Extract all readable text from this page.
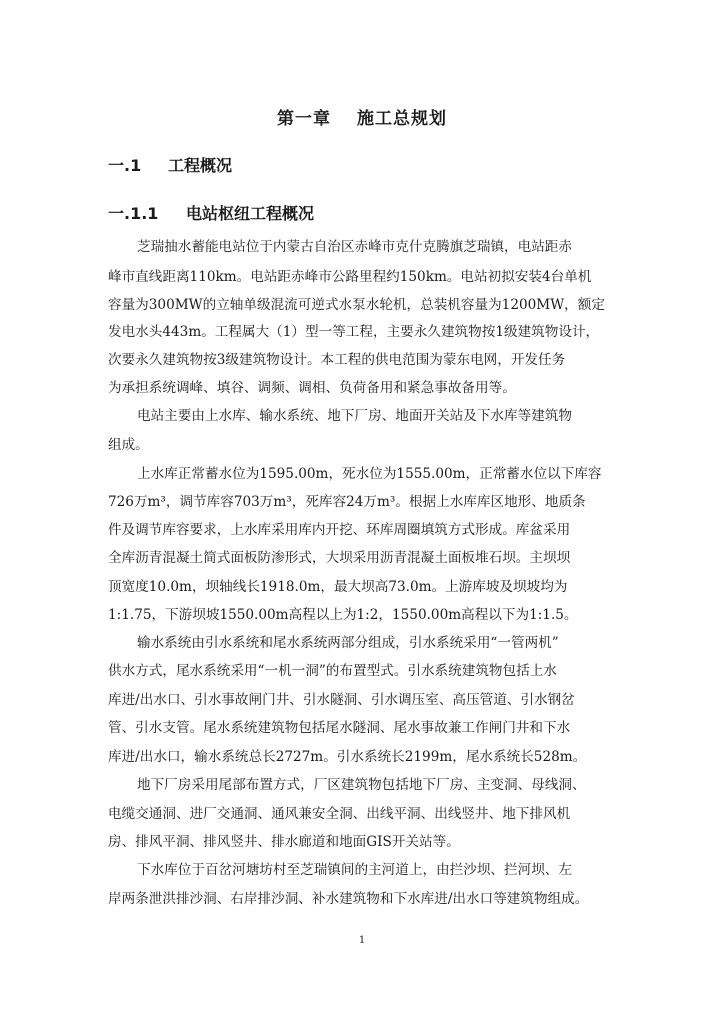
第一章 施工总规划
一.1 工程概况
一.1.1 电站枢纽工程概况
芝瑞抽水蓄能电站位于内蒙古自治区赤峰市克什克腾旗芝瑞镇，电站距赤
峰市直线距离110km。电站距赤峰市公路里程约150km。电站初拟安装4台单机
容量为300MW的立轴单级混流可逆式水泵水轮机，总装机容量为1200MW，额定
发电水头443m。工程属大（1）型一等工程，主要永久建筑物按1级建筑物设计，
次要永久建筑物按3级建筑物设计。本工程的供电范围为蒙东电网，开发任务
为承担系统调峰、填谷、调频、调相、负荷备用和紧急事故备用等。
电站主要由上水库、输水系统、地下厂房、地面开关站及下水库等建筑物
组成。
上水库正常蓄水位为1595.00m，死水位为1555.00m，正常蓄水位以下库容
726万m³，调节库容703万m³，死库容24万m³。根据上水库库区地形、地质条
件及调节库容要求，上水库采用库内开挖、环库周圈填筑方式形成。库盆采用
全库沥青混凝土简式面板防渗形式，大坝采用沥青混凝土面板堆石坝。主坝坝
顶宽度10.0m，坝轴线长1918.0m，最大坝高73.0m。上游库坡及坝坡均为
1:1.75，下游坝坡1550.00m高程以上为1:2，1550.00m高程以下为1:1.5。
输水系统由引水系统和尾水系统两部分组成，引水系统采用“一管两机”
供水方式，尾水系统采用“一机一洞”的布置型式。引水系统建筑物包括上水
库进/出水口、引水事故闸门井、引水隧洞、引水调压室、高压管道、引水钢岔
管、引水支管。尾水系统建筑物包括尾水隧洞、尾水事故兼工作闸门井和下水
库进/出水口，输水系统总长2727m。引水系统长2199m，尾水系统长528m。
地下厂房采用尾部布置方式，厂区建筑物包括地下厂房、主变洞、母线洞、
电缆交通洞、进厂交通洞、通风兼安全洞、出线平洞、出线竖井、地下排风机
房、排风平洞、排风竖井、排水廊道和地面GIS开关站等。
下水库位于百岔河塘坊村至芝瑞镇间的主河道上，由拦沙坝、拦河坝、左
岸两条泄洪排沙洞、右岸排沙洞、补水建筑物和下水库进/出水口等建筑物组成。
1
